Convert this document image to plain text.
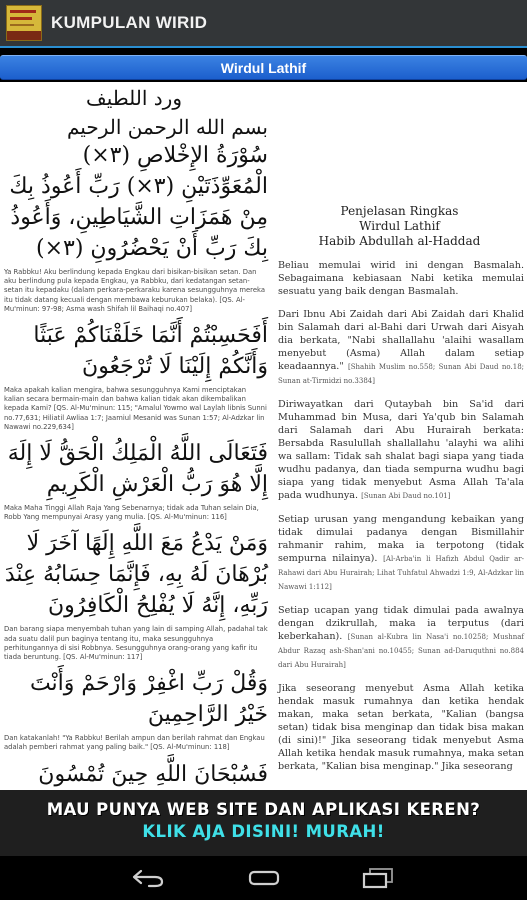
KUMPULAN WIRID
Wirdul Lathif

ورد اللطيف

بسم الله الرحمن الرحيم

سُوْرَةُ الإِخْلاصِ (٣×) الْمُعَوِّذَتَيْنِ (٣×) رَبِّ أَعُوذُ بِكَ مِنْ هَمَزَاتِ الشَّيَاطِينِ، وَأَعُوذُ بِكَ رَبِّ أَنْ يَحْضُرُونِ (٣×)

Ya Rabbku! Aku berlindung kepada Engkau dari bisikan-bisikan setan. Dan aku berlindung pula kepada Engkau, ya Rabbku, dari kedatangan setan-setan itu kepadaku (dalam perkara-perkaraku karena sesungguhnya mereka itu tidak datang kecuali dengan membawa keburukan belaka). [QS. Al-Mu'minun: 97-98; Asma wash Shifah lil Baihaqi no.407]

أَفَحَسِبْتُمْ أَنَّمَا خَلَقْنَاكُمْ عَبَثًا وَأَنَّكُمْ إِلَيْنَا لَا تُرْجَعُونَ

Maka apakah kalian mengira, bahwa sesungguhnya Kami menciptakan kalian secara bermain-main dan bahwa kalian tidak akan dikembalikan kepada Kami? [QS. Al-Mu'minun: 115; "Amalul Yowmo wal Laylah libnis Sunni no.77,631; Hiliatil Awliaa 1:7; Jaamiul Mesanid was Sunan 1:57; Al-Adzkar lin Nawawi no.229,634]

فَتَعَالَى اللَّهُ الْمَلِكُ الْحَقُّ لَا إِلَهَ إِلَّا هُوَ رَبُّ الْعَرْشِ الْكَرِيمِ

Maka Maha Tinggi Allah Raja Yang Sebenarnya; tidak ada Tuhan selain Dia, Robb Yang mempunyai Arasy yang mulia. [QS. Al-Mu'minun: 116]

وَمَنْ يَدْعُ مَعَ اللَّهِ إِلَهًا آخَرَ لَا بُرْهَانَ لَهُ بِهِ، فَإِنَّمَا حِسَابُهُ عِنْدَ رَبِّهِ، إِنَّهُ لَا يُفْلِحُ الْكَافِرُونَ

Dan barang siapa menyembah tuhan yang lain di samping Allah, padahal tak ada suatu dalil pun baginya tentang itu, maka sesungguhnya perhitungannya di sisi Robbnya. Sesungguhnya orang-orang yang kafir itu tiada beruntung. [QS. Al-Mu'minun: 117]

وَقُلْ رَبِّ اغْفِرْ وَارْحَمْ وَأَنْتَ خَيْرُ الرَّاحِمِينَ

Dan katakanlah! "Ya Rabbku! Berilah ampun dan berilah rahmat dan Engkau adalah pemberi rahmat yang paling baik." [QS. Al-Mu'minun: 118]

فَسُبْحَانَ اللَّهِ حِينَ تُمْسُونَ

Penjelasan Ringkas
Wirdul Lathif
Habib Abdullah al-Haddad

Beliau memulai wirid ini dengan Basmalah. Sebagaimana kebiasaan Nabi ketika memulai sesuatu yang baik dengan Basmalah.

Dari Ibnu Abi Zaidah dari Abi Zaidah dari Khalid bin Salamah dari al-Bahi dari Urwah dari Aisyah dia berkata, "Nabi shallallahu 'alaihi wasallam menyebut (Asma) Allah dalam setiap keadaannya." [Shahih Muslim no.558; Sunan Abi Daud no.18; Sunan at-Tirmidzi no.3384]

Diriwayatkan dari Qutaybah bin Sa'id dari Muhammad bin Musa, dari Ya'qub bin Salamah dari Salamah dari Abu Hurairah berkata: Bersabda Rasulullah shallallahu 'alayhi wa alihi wa sallam: Tidak sah shalat bagi siapa yang tiada wudhu padanya, dan tiada sempurna wudhu bagi siapa yang tidak menyebut Asma Allah Ta'ala pada wudhunya. [Sunan Abi Daud no.101]

Setiap urusan yang mengandung kebaikan yang tidak dimulai padanya dengan Bismillahir rahmanir rahim, maka ia terpotong (tidak sempurna nilainya). [Al-Arba'in li Hafizh Abdul Qadir ar-Rahawi dari Abu Hurairah; Lihat Tuhfatul Ahwadzi 1:9, Al-Adzkar lin Nawawi 1:112]

Setiap ucapan yang tidak dimulai pada awalnya dengan dzikrullah, maka ia terputus (dari keberkahan). [Sunan al-Kubra lin Nasa'i no.10258; Mushnaf Abdur Razaq ash-Shan'ani no.10455; Sunan ad-Daruquthni no.884 dari Abu Hurairah]

Jika seseorang menyebut Asma Allah ketika hendak masuk rumahnya dan ketika hendak makan, maka setan berkata, "Kalian (bangsa setan) tidak bisa menginap dan tidak bisa makan (di sini)!" Jika seseorang tidak menyebut Asma Allah ketika hendak masuk rumahnya, maka setan berkata, "Kalian bisa menginap." Jika seseorang

MAU PUNYA WEB SITE DAN APLIKASI KEREN?
KLIK AJA DISINI! MURAH!
